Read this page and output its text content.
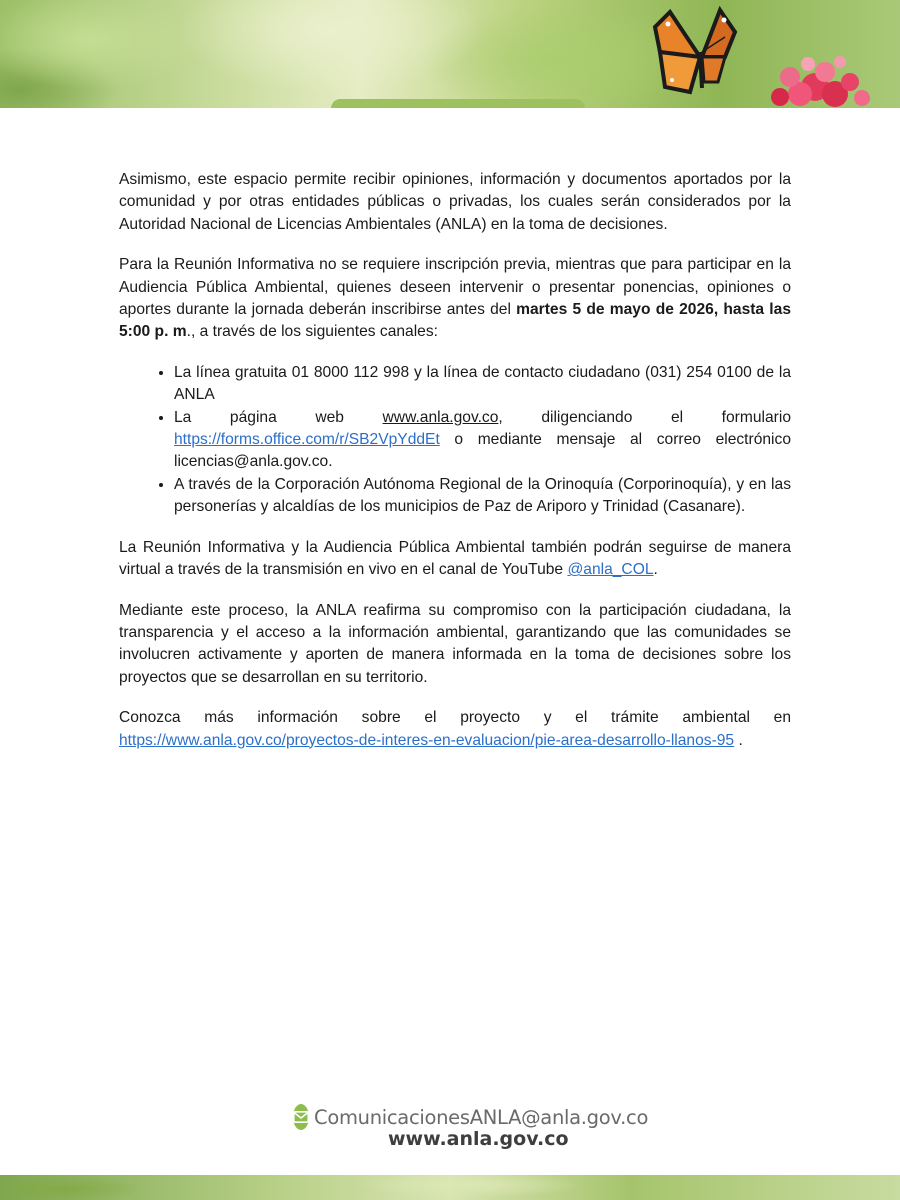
Asimismo, este espacio permite recibir opiniones, información y documentos aportados por la comunidad y por otras entidades públicas o privadas, los cuales serán considerados por la Autoridad Nacional de Licencias Ambientales (ANLA) en la toma de decisiones.

Para la Reunión Informativa no se requiere inscripción previa, mientras que para participar en la Audiencia Pública Ambiental, quienes deseen intervenir o presentar ponencias, opiniones o aportes durante la jornada deberán inscribirse antes del martes 5 de mayo de 2026, hasta las 5:00 p. m., a través de los siguientes canales:

• La línea gratuita 01 8000 112 998 y la línea de contacto ciudadano (031) 254 0100 de la ANLA
• La página web www.anla.gov.co, diligenciando el formulario https://forms.office.com/r/SB2VpYddEt o mediante mensaje al correo electrónico licencias@anla.gov.co.
• A través de la Corporación Autónoma Regional de la Orinoquía (Corporinoquía), y en las personerías y alcaldías de los municipios de Paz de Ariporo y Trinidad (Casanare).

La Reunión Informativa y la Audiencia Pública Ambiental también podrán seguirse de manera virtual a través de la transmisión en vivo en el canal de YouTube @anla_COL.

Mediante este proceso, la ANLA reafirma su compromiso con la participación ciudadana, la transparencia y el acceso a la información ambiental, garantizando que las comunidades se involucren activamente y aporten de manera informada en la toma de decisiones sobre los proyectos que se desarrollan en su territorio.

Conozca más información sobre el proyecto y el trámite ambiental en https://www.anla.gov.co/proyectos-de-interes-en-evaluacion/pie-area-desarrollo-llanos-95 .

ComunicacionesANLA@anla.gov.co
www.anla.gov.co
